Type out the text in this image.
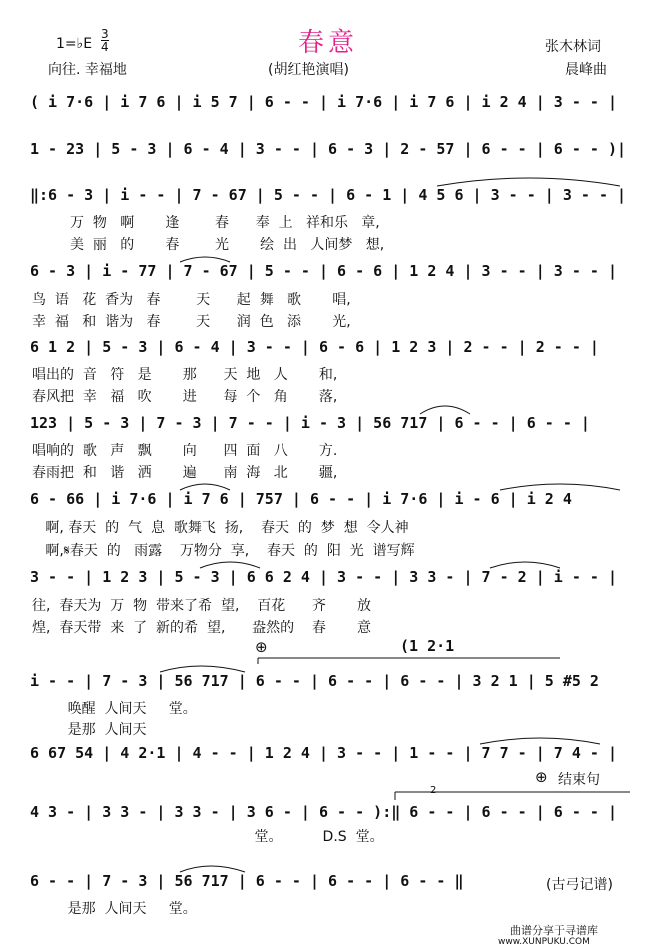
1=♭E
3
4	春意	张木林词
向往. 幸福地	(胡红艳演唱)	晨峰曲
( i 7·6 | i 7 6 | i 5 7 | 6 - - | i 7·6 | i 7 6 | i 2 4 | 3 - - |
1 - 23 | 5 - 3 | 6 - 4 | 3 - - | 6 - 3 | 2 - 57 | 6 - - | 6 - - )|
‖:6 - 3 | i - - | 7 - 67 | 5 - - | 6 - 1 | 4 5 6 | 3 - - | 3 - - |
万  物   啊       逢        春      奉  上   祥和乐   章,
美  丽   的       春        光       绘  出   人间梦   想,
6 - 3 | i - 77 | 7 - 67 | 5 - - | 6 - 6 | 1 2 4 | 3 - - | 3 - - |
鸟  语   花  香为   春        天      起  舞   歌       唱,
幸  福   和  谐为   春        天      润  色   添       光,
6 1 2 | 5 - 3 | 6 - 4 | 3 - - | 6 - 6 | 1 2 3 | 2 - - | 2 - - |
唱出的  音   符   是       那      天  地   人       和,
春风把  幸   福   吹       进      每  个   角       落,
123 | 5 - 3 | 7 - 3 | 7 - - | i - 3 | 56 717 | 6 - - | 6 - - |
唱响的  歌   声   飘       向      四  面   八       方.
春雨把  和   谐   洒       遍      南  海   北       疆,
6 - 66 | i 7·6 | i 7 6 | 757 | 6 - - | i 7·6 | i - 6 | i 2 4
啊, 春天  的  气  息  歌舞飞  扬,    春天  的  梦  想  令人神
啊,𝄋春天  的   雨露    万物分  享,    春天  的  阳  光  谱写辉
3 - - | 1 2 3 | 5 - 3 | 6 6 2 4 | 3 - - | 3 3 - | 7 - 2 | i - - |
往,  春天为  万  物  带来了希  望,    百花      齐       放
煌,  春天带  来  了  新的希  望,      盎然的    春       意
⊕	(1 2·1
i - - | 7 - 3 | 56 717 | 6 - - | 6 - - | 6 - - | 3 2 1 | 5 #5 2
唤醒  人间天     堂。
是那  人间天
6 67 54 | 4 2·1 | 4 - - | 1 2 4 | 3 - - | 1 - - | 7 7 - | 7 4 - |
⊕ 结束句
2
4 3 - | 3 3 - | 3 3 - | 3 6 - | 6 - - ):‖ 6 - - | 6 - - | 6 - - |
堂。         D.S  堂。
6 - - | 7 - 3 | 56 717 | 6 - - | 6 - - | 6 - - ‖
是那  人间天     堂。
(古弓记谱)
曲谱分享于寻谱库
www.XUNPUKU.COM
